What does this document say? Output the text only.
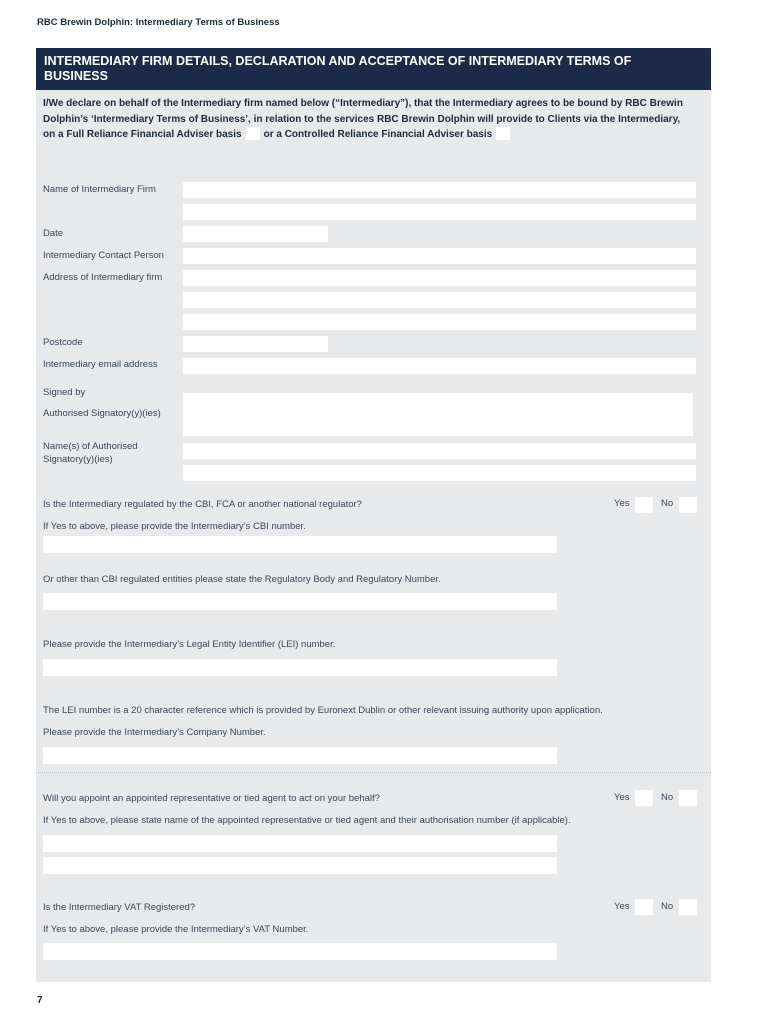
RBC Brewin Dolphin: Intermediary Terms of Business
INTERMEDIARY FIRM DETAILS, DECLARATION AND ACCEPTANCE OF INTERMEDIARY TERMS OF BUSINESS
I/We declare on behalf of the Intermediary firm named below (“Intermediary”), that the Intermediary agrees to be bound by RBC Brewin Dolphin’s ‘Intermediary Terms of Business’, in relation to the services RBC Brewin Dolphin will provide to Clients via the Intermediary,
on a Full Reliance Financial Adviser basis or a Controlled Reliance Financial Adviser basis
Name of Intermediary Firm
Date
Intermediary Contact Person
Address of Intermediary firm
Postcode
Intermediary email address
Signed by
Authorised Signatory(y)(ies)
Name(s) of Authorised Signatory(y)(ies)
Is the Intermediary regulated by the CBI, FCA or another national regulator?	Yes	No
If Yes to above, please provide the Intermediary’s CBI number.
Or other than CBI regulated entities please state the Regulatory Body and Regulatory Number.
Please provide the Intermediary’s Legal Entity Identifier (LEI) number.
The LEI number is a 20 character reference which is provided by Euronext Dublin or other relevant issuing authority upon application.
Please provide the Intermediary’s Company Number.
Will you appoint an appointed representative or tied agent to act on your behalf?	Yes	No
If Yes to above, please state name of the appointed representative or tied agent and their authorisation number (if applicable).
Is the Intermediary VAT Registered?	Yes	No
If Yes to above, please provide the Intermediary’s VAT Number.
7
